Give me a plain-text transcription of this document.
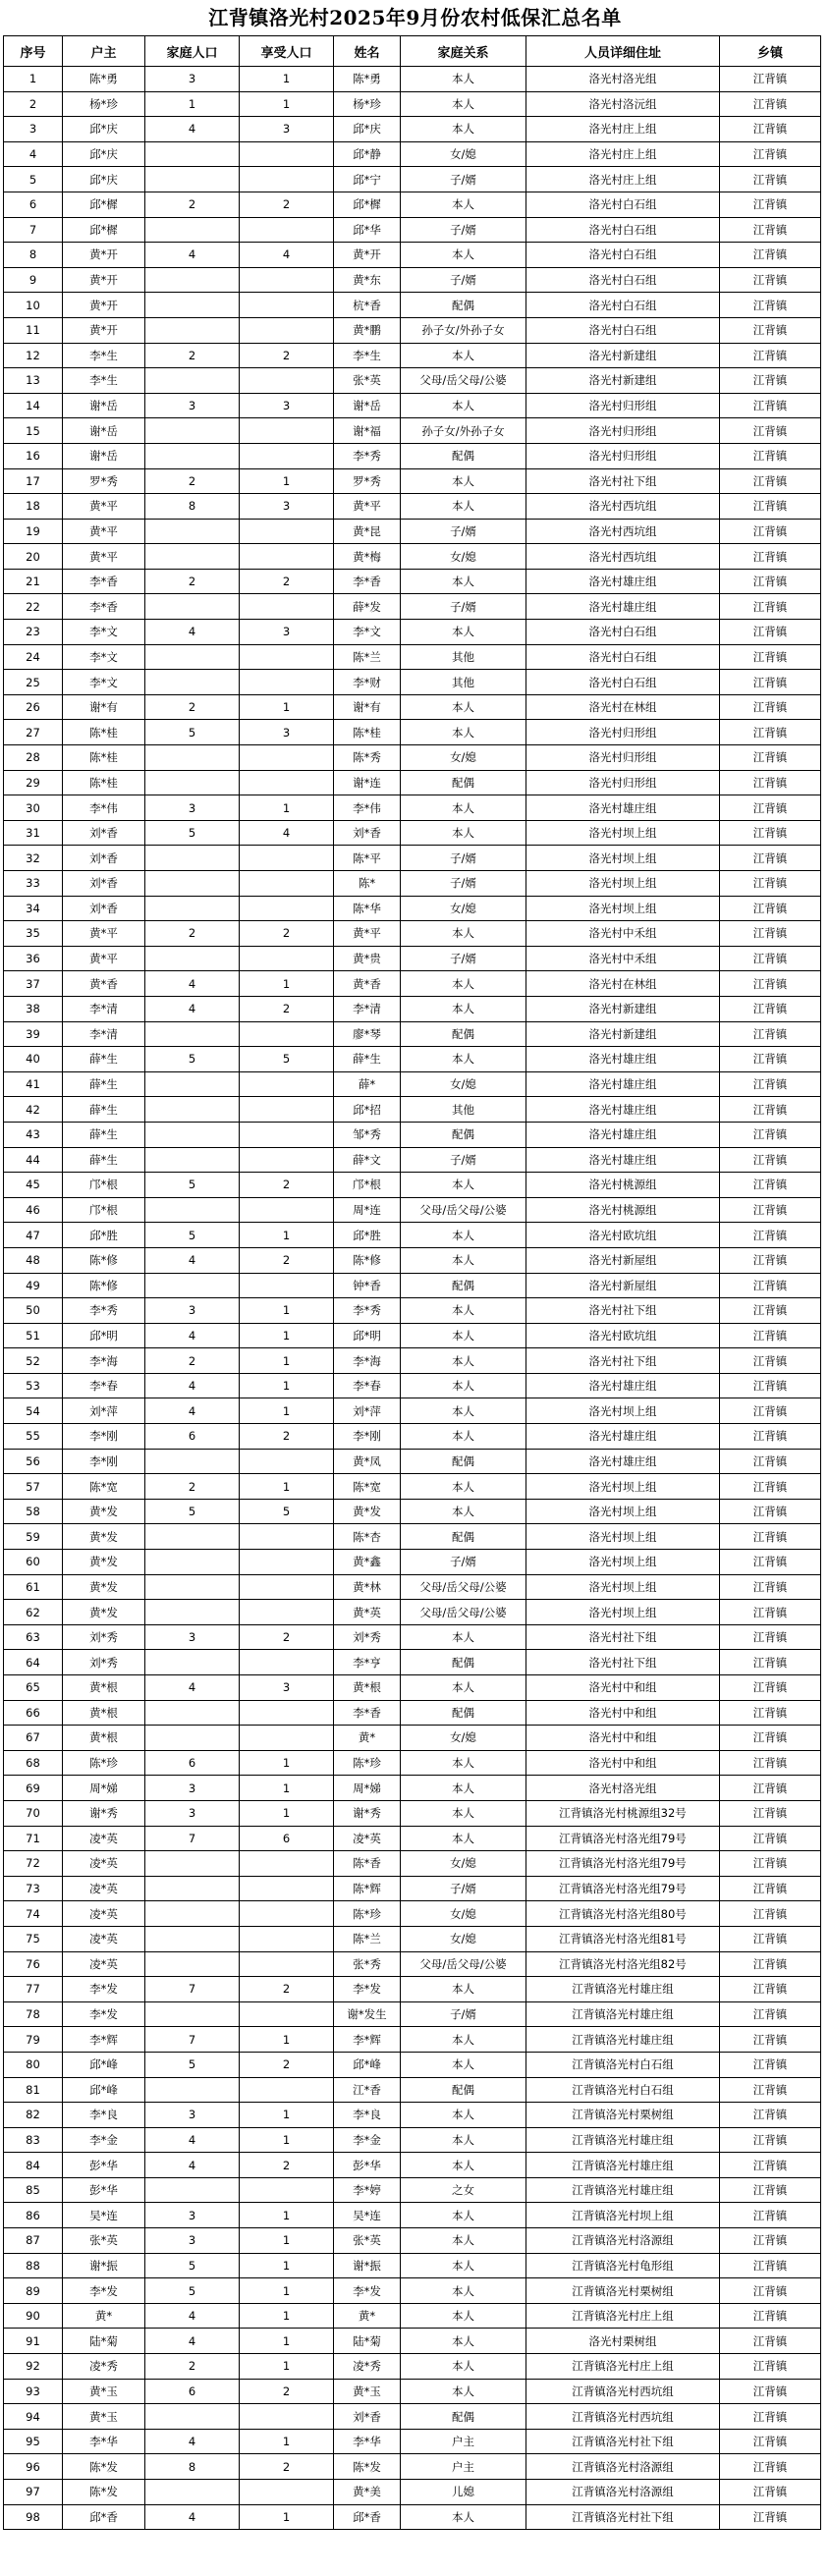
江背镇洛光村2025年9月份农村低保汇总名单
序号	户主	家庭人口	享受人口	姓名	家庭关系	人员详细住址	乡镇
1	陈*勇	3	1	陈*勇	本人	洛光村洛光组	江背镇
2	杨*珍	1	1	杨*珍	本人	洛光村洛沅组	江背镇
3	邱*庆	4	3	邱*庆	本人	洛光村庄上组	江背镇
4	邱*庆			邱*静	女/媳	洛光村庄上组	江背镇
5	邱*庆			邱*宁	子/婿	洛光村庄上组	江背镇
6	邱*樨	2	2	邱*樨	本人	洛光村白石组	江背镇
7	邱*樨			邱*华	子/婿	洛光村白石组	江背镇
8	黄*开	4	4	黄*开	本人	洛光村白石组	江背镇
9	黄*开			黄*东	子/婿	洛光村白石组	江背镇
10	黄*开			杭*香	配偶	洛光村白石组	江背镇
11	黄*开			黄*鹏	孙子女/外孙子女	洛光村白石组	江背镇
12	李*生	2	2	李*生	本人	洛光村新建组	江背镇
13	李*生			张*英	父母/岳父母/公婆	洛光村新建组	江背镇
14	谢*岳	3	3	谢*岳	本人	洛光村归形组	江背镇
15	谢*岳			谢*福	孙子女/外孙子女	洛光村归形组	江背镇
16	谢*岳			李*秀	配偶	洛光村归形组	江背镇
17	罗*秀	2	1	罗*秀	本人	洛光村社下组	江背镇
18	黄*平	8	3	黄*平	本人	洛光村西坑组	江背镇
19	黄*平			黄*昆	子/婿	洛光村西坑组	江背镇
20	黄*平			黄*梅	女/媳	洛光村西坑组	江背镇
21	李*香	2	2	李*香	本人	洛光村雄庄组	江背镇
22	李*香			薛*发	子/婿	洛光村雄庄组	江背镇
23	李*文	4	3	李*文	本人	洛光村白石组	江背镇
24	李*文			陈*兰	其他	洛光村白石组	江背镇
25	李*文			李*财	其他	洛光村白石组	江背镇
26	谢*有	2	1	谢*有	本人	洛光村在林组	江背镇
27	陈*桂	5	3	陈*桂	本人	洛光村归形组	江背镇
28	陈*桂			陈*秀	女/媳	洛光村归形组	江背镇
29	陈*桂			谢*连	配偶	洛光村归形组	江背镇
30	李*伟	3	1	李*伟	本人	洛光村雄庄组	江背镇
31	刘*香	5	4	刘*香	本人	洛光村坝上组	江背镇
32	刘*香			陈*平	子/婿	洛光村坝上组	江背镇
33	刘*香			陈*	子/婿	洛光村坝上组	江背镇
34	刘*香			陈*华	女/媳	洛光村坝上组	江背镇
35	黄*平	2	2	黄*平	本人	洛光村中禾组	江背镇
36	黄*平			黄*贵	子/婿	洛光村中禾组	江背镇
37	黄*香	4	1	黄*香	本人	洛光村在林组	江背镇
38	李*清	4	2	李*清	本人	洛光村新建组	江背镇
39	李*清			廖*琴	配偶	洛光村新建组	江背镇
40	薛*生	5	5	薛*生	本人	洛光村雄庄组	江背镇
41	薛*生			薛*	女/媳	洛光村雄庄组	江背镇
42	薛*生			邱*招	其他	洛光村雄庄组	江背镇
43	薛*生			邹*秀	配偶	洛光村雄庄组	江背镇
44	薛*生			薛*文	子/婿	洛光村雄庄组	江背镇
45	邝*根	5	2	邝*根	本人	洛光村桃源组	江背镇
46	邝*根			周*连	父母/岳父母/公婆	洛光村桃源组	江背镇
47	邱*胜	5	1	邱*胜	本人	洛光村欧坑组	江背镇
48	陈*修	4	2	陈*修	本人	洛光村新屋组	江背镇
49	陈*修			钟*香	配偶	洛光村新屋组	江背镇
50	李*秀	3	1	李*秀	本人	洛光村社下组	江背镇
51	邱*明	4	1	邱*明	本人	洛光村欧坑组	江背镇
52	李*海	2	1	李*海	本人	洛光村社下组	江背镇
53	李*春	4	1	李*春	本人	洛光村雄庄组	江背镇
54	刘*萍	4	1	刘*萍	本人	洛光村坝上组	江背镇
55	李*刚	6	2	李*刚	本人	洛光村雄庄组	江背镇
56	李*刚			黄*凤	配偶	洛光村雄庄组	江背镇
57	陈*宽	2	1	陈*宽	本人	洛光村坝上组	江背镇
58	黄*发	5	5	黄*发	本人	洛光村坝上组	江背镇
59	黄*发			陈*杏	配偶	洛光村坝上组	江背镇
60	黄*发			黄*鑫	子/婿	洛光村坝上组	江背镇
61	黄*发			黄*林	父母/岳父母/公婆	洛光村坝上组	江背镇
62	黄*发			黄*英	父母/岳父母/公婆	洛光村坝上组	江背镇
63	刘*秀	3	2	刘*秀	本人	洛光村社下组	江背镇
64	刘*秀			李*亨	配偶	洛光村社下组	江背镇
65	黄*根	4	3	黄*根	本人	洛光村中和组	江背镇
66	黄*根			李*香	配偶	洛光村中和组	江背镇
67	黄*根			黄*	女/媳	洛光村中和组	江背镇
68	陈*珍	6	1	陈*珍	本人	洛光村中和组	江背镇
69	周*娣	3	1	周*娣	本人	洛光村洛光组	江背镇
70	谢*秀	3	1	谢*秀	本人	江背镇洛光村桃源组32号	江背镇
71	凌*英	7	6	凌*英	本人	江背镇洛光村洛光组79号	江背镇
72	凌*英			陈*香	女/媳	江背镇洛光村洛光组79号	江背镇
73	凌*英			陈*辉	子/婿	江背镇洛光村洛光组79号	江背镇
74	凌*英			陈*珍	女/媳	江背镇洛光村洛光组80号	江背镇
75	凌*英			陈*兰	女/媳	江背镇洛光村洛光组81号	江背镇
76	凌*英			张*秀	父母/岳父母/公婆	江背镇洛光村洛光组82号	江背镇
77	李*发	7	2	李*发	本人	江背镇洛光村雄庄组	江背镇
78	李*发			谢*发生	子/婿	江背镇洛光村雄庄组	江背镇
79	李*辉	7	1	李*辉	本人	江背镇洛光村雄庄组	江背镇
80	邱*峰	5	2	邱*峰	本人	江背镇洛光村白石组	江背镇
81	邱*峰			江*香	配偶	江背镇洛光村白石组	江背镇
82	李*良	3	1	李*良	本人	江背镇洛光村栗树组	江背镇
83	李*金	4	1	李*金	本人	江背镇洛光村雄庄组	江背镇
84	彭*华	4	2	彭*华	本人	江背镇洛光村雄庄组	江背镇
85	彭*华			李*婷	之女	江背镇洛光村雄庄组	江背镇
86	吴*连	3	1	吴*连	本人	江背镇洛光村坝上组	江背镇
87	张*英	3	1	张*英	本人	江背镇洛光村洛源组	江背镇
88	谢*振	5	1	谢*振	本人	江背镇洛光村龟形组	江背镇
89	李*发	5	1	李*发	本人	江背镇洛光村栗树组	江背镇
90	黄*	4	1	黄*	本人	江背镇洛光村庄上组	江背镇
91	陆*菊	4	1	陆*菊	本人	洛光村栗树组	江背镇
92	凌*秀	2	1	凌*秀	本人	江背镇洛光村庄上组	江背镇
93	黄*玉	6	2	黄*玉	本人	江背镇洛光村西坑组	江背镇
94	黄*玉			刘*香	配偶	江背镇洛光村西坑组	江背镇
95	李*华	4	1	李*华	户主	江背镇洛光村社下组	江背镇
96	陈*发	8	2	陈*发	户主	江背镇洛光村洛源组	江背镇
97	陈*发			黄*美	儿媳	江背镇洛光村洛源组	江背镇
98	邱*香	4	1	邱*香	本人	江背镇洛光村社下组	江背镇
